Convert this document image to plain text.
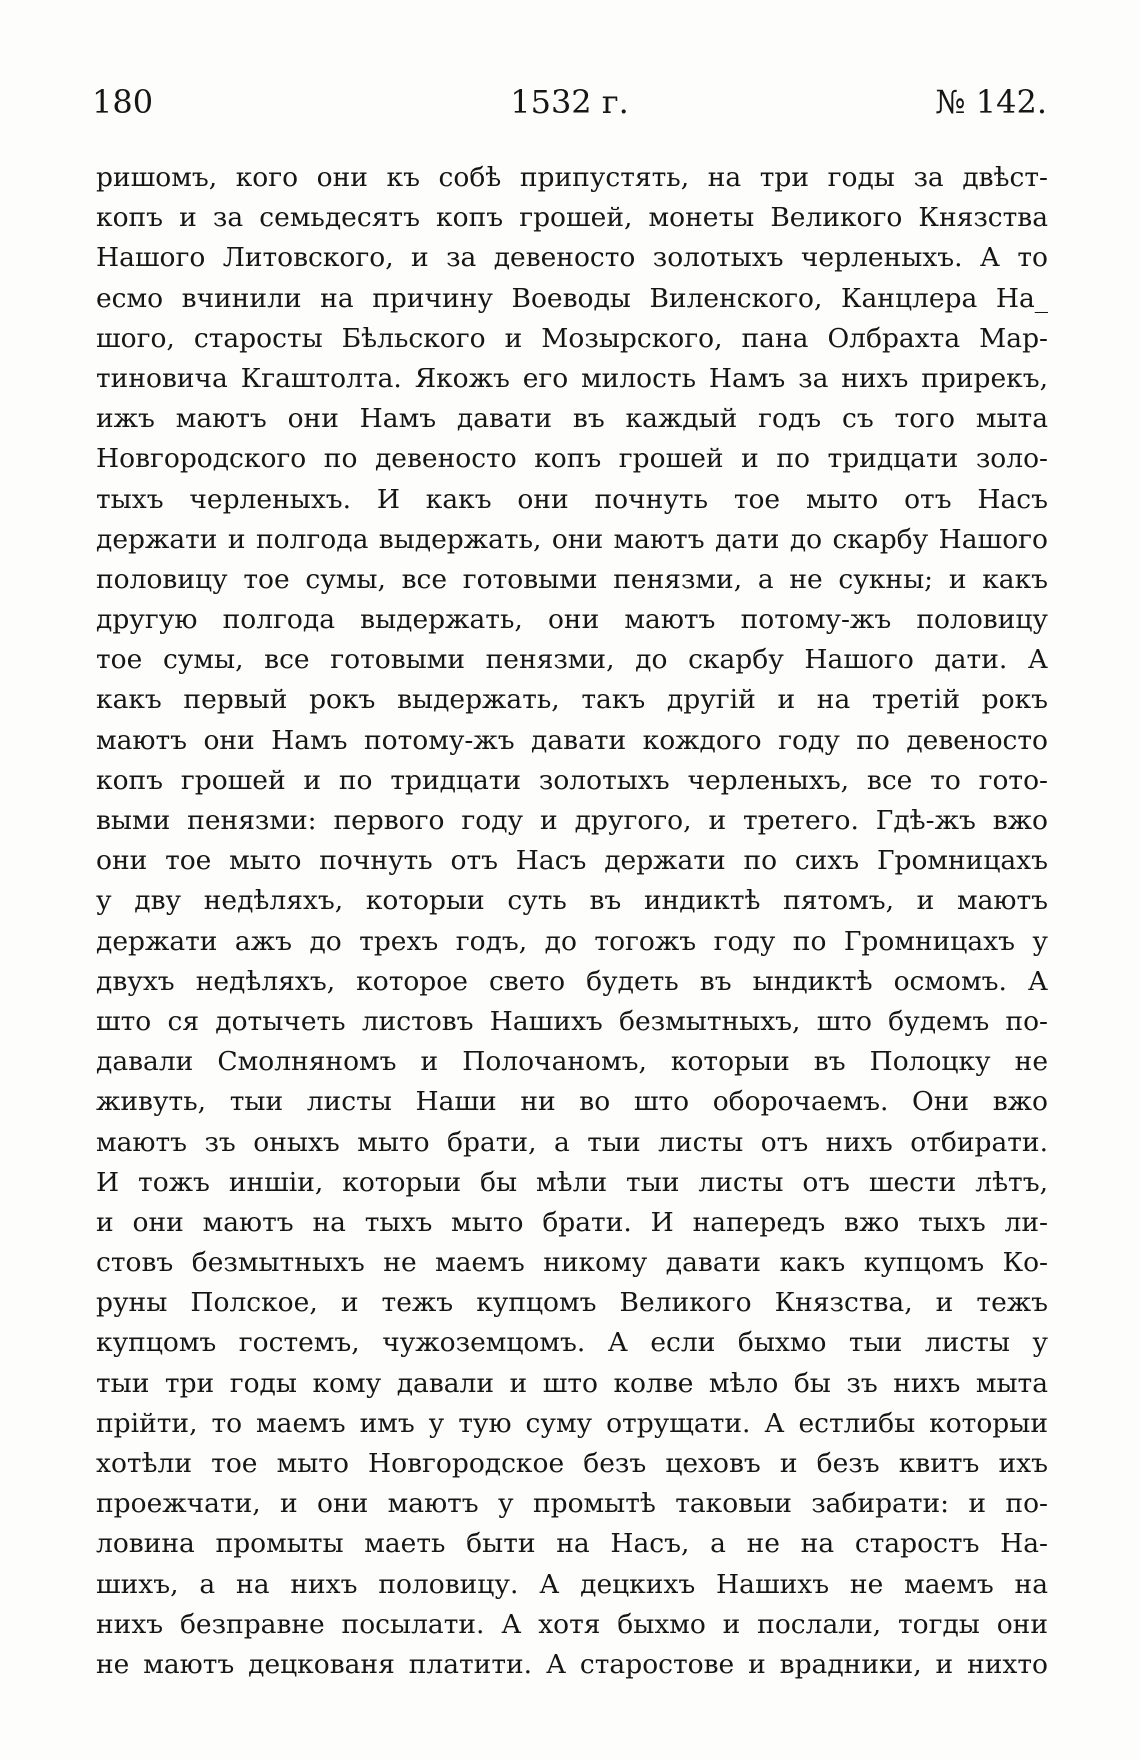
180	1532 г.	№ 142.
ришомъ, кого они къ собѣ припустять, на три годы за двѣст-
копъ и за семьдесятъ копъ грошей, монеты Великого Князства
Нашого Литовского, и за девеносто золотыхъ черленыхъ. А то
есмо вчинили на причину Воеводы Виленского, Канцлера На_
шого, старосты Бѣльского и Мозырского, пана Олбрахта Мар-
тиновича Кгаштолта. Якожъ его милость Намъ за нихъ прирекъ,
ижъ маютъ они Намъ давати въ каждый годъ съ того мыта
Новгородского по девеносто копъ грошей и по тридцати золо-
тыхъ черленыхъ. И какъ они почнуть тое мыто отъ Насъ
держати и полгода выдержать, они маютъ дати до скарбу Нашого
половицу тое сумы, все готовыми пенязми, а не сукны; и какъ
другую полгода выдержать, они маютъ потому-жъ половицу
тое сумы, все готовыми пенязми, до скарбу Нашого дати. А
какъ первый рокъ выдержать, такъ другій и на третій рокъ
маютъ они Намъ потому-жъ давати кождого году по девеносто
копъ грошей и по тридцати золотыхъ черленыхъ, все то гото-
выми пенязми: первого году и другого, и третего. Гдѣ-жъ вжо
они тое мыто почнуть отъ Насъ держати по сихъ Громницахъ
у дву недѣляхъ, которыи суть въ индиктѣ пятомъ, и маютъ
держати ажъ до трехъ годъ, до тогожъ году по Громницахъ у
двухъ недѣляхъ, которое свето будеть въ ындиктѣ осмомъ. А
што ся дотычеть листовъ Нашихъ безмытныхъ, што будемъ по-
давали Смолняномъ и Полочаномъ, которыи въ Полоцку не
живуть, тыи листы Наши ни во што оборочаемъ. Они вжо
маютъ зъ оныхъ мыто брати, а тыи листы отъ нихъ отбирати.
И тожъ иншіи, которыи бы мѣли тыи листы отъ шести лѣтъ,
и они маютъ на тыхъ мыто брати. И напередъ вжо тыхъ ли-
стовъ безмытныхъ не маемъ никому давати какъ купцомъ Ко-
руны Полское, и тежъ купцомъ Великого Князства, и тежъ
купцомъ гостемъ, чужоземцомъ. А если быхмо тыи листы у
тыи три годы кому давали и што колве мѣло бы зъ нихъ мыта
прійти, то маемъ имъ у тую суму отрущати. А естлибы которыи
хотѣли тое мыто Новгородское безъ цеховъ и безъ квитъ ихъ
проежчати, и они маютъ у промытѣ таковыи забирати: и по-
ловина промыты маеть быти на Насъ, а не на старостъ На-
шихъ, а на нихъ половицу. А децкихъ Нашихъ не маемъ на
нихъ безправне посылати. А хотя быхмо и послали, тогды они
не маютъ децкованя платити. А старостове и врадники, и нихто
